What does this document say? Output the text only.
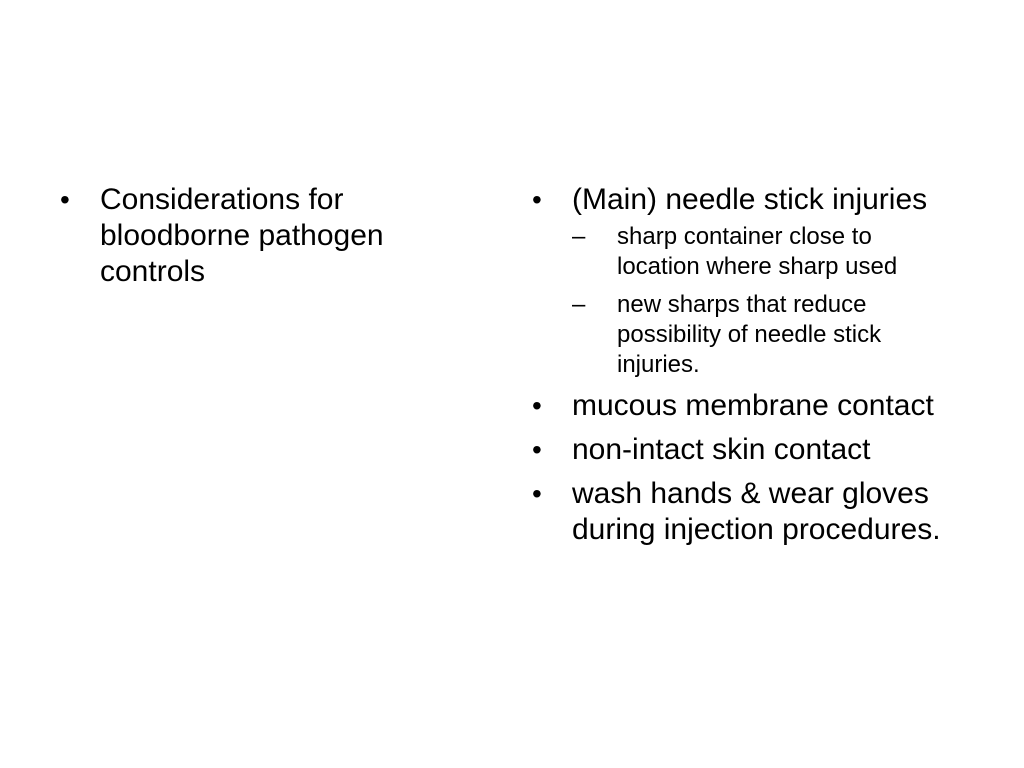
•
Considerations for bloodborne pathogen controls
•
(Main) needle stick injuries
–
sharp container close to location where sharp used
–
new sharps that reduce possibility of needle stick injuries.
•
mucous membrane contact
•
non-intact skin contact
•
wash hands & wear gloves during injection procedures.
